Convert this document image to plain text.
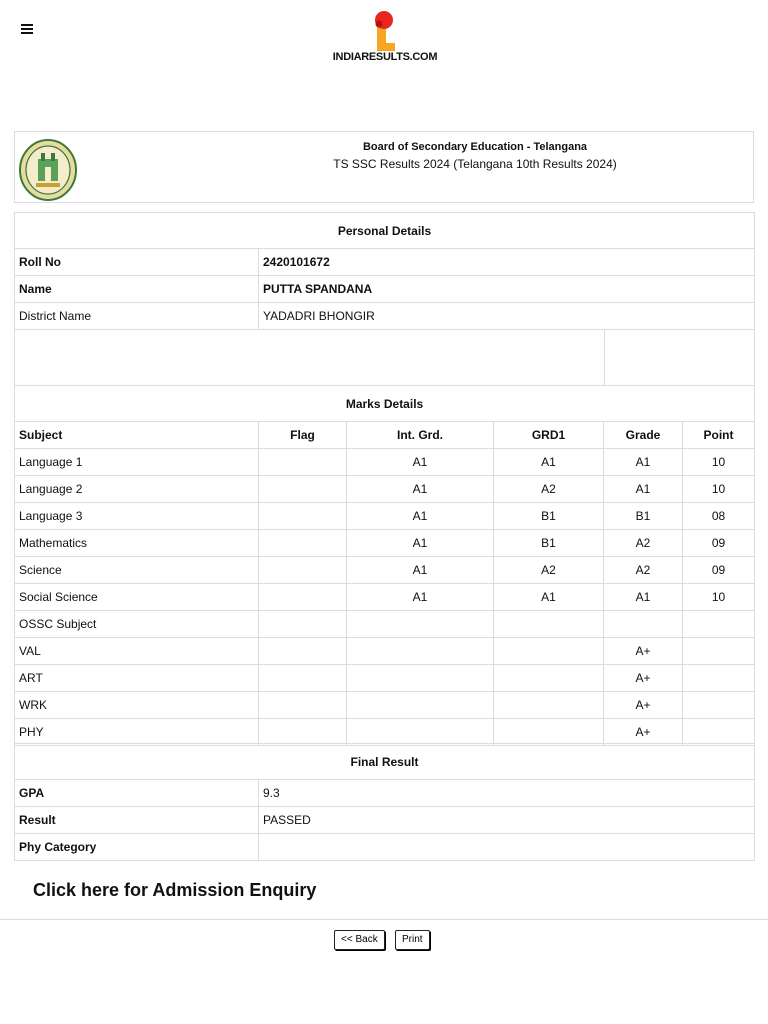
INDIARESULTS.COM
Board of Secondary Education - Telangana
TS SSC Results 2024 (Telangana 10th Results 2024)
Personal Details		
Roll No	2420101672	
Name	PUTTA SPANDANA	
District Name	YADADRI BHONGIR	

Marks Details					
Subject	Flag	Int. Grd.	GRD1	Grade	Point
Language 1		A1	A1	A1	10
Language 2		A1	A2	A1	10
Language 3		A1	B1	B1	08
Mathematics		A1	B1	A2	09
Science		A1	A2	A2	09
Social Science		A1	A1	A1	10
OSSC Subject					
VAL				A+	
ART				A+	
WRK				A+	
PHY				A+	
Final Result	
GPA	9.3
Result	PASSED
Phy Category	
Click here for Admission Enquiry
<< Back	Print
